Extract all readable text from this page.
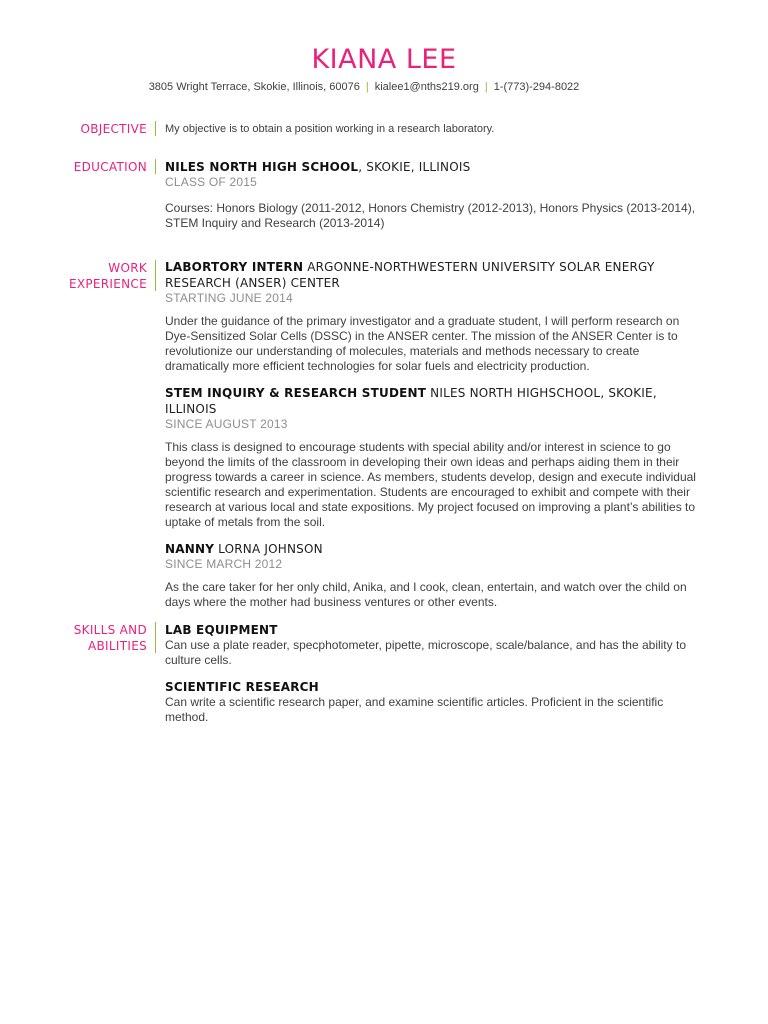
KIANA LEE
3805 Wright Terrace, Skokie, Illinois, 60076 | kialee1@nths219.org | 1-(773)-294-8022
OBJECTIVE My objective is to obtain a position working in a research laboratory.
EDUCATION NILES NORTH HIGH SCHOOL, SKOKIE, ILLINOIS
CLASS OF 2015
Courses: Honors Biology (2011-2012, Honors Chemistry (2012-2013), Honors Physics (2013-2014), STEM Inquiry and Research (2013-2014)
WORK
EXPERIENCE
LABORTORY INTERN ARGONNE-NORTHWESTERN UNIVERSITY SOLAR ENERGY RESEARCH (ANSER) CENTER
STARTING JUNE 2014
Under the guidance of the primary investigator and a graduate student, I will perform research on Dye-Sensitized Solar Cells (DSSC) in the ANSER center. The mission of the ANSER Center is to revolutionize our understanding of molecules, materials and methods necessary to create dramatically more efficient technologies for solar fuels and electricity production.
STEM INQUIRY & RESEARCH STUDENT NILES NORTH HIGHSCHOOL, SKOKIE, ILLINOIS
SINCE AUGUST 2013
This class is designed to encourage students with special ability and/or interest in science to go beyond the limits of the classroom in developing their own ideas and perhaps aiding them in their progress towards a career in science. As members, students develop, design and execute individual scientific research and experimentation. Students are encouraged to exhibit and compete with their research at various local and state expositions. My project focused on improving a plant’s abilities to uptake of metals from the soil.
NANNY LORNA JOHNSON
SINCE MARCH 2012
As the care taker for her only child, Anika, and I cook, clean, entertain, and watch over the child on days where the mother had business ventures or other events.
SKILLS AND
ABILITIES
LAB EQUIPMENT
Can use a plate reader, specphotometer, pipette, microscope, scale/balance, and has the ability to culture cells.
SCIENTIFIC RESEARCH
Can write a scientific research paper, and examine scientific articles. Proficient in the scientific method.
